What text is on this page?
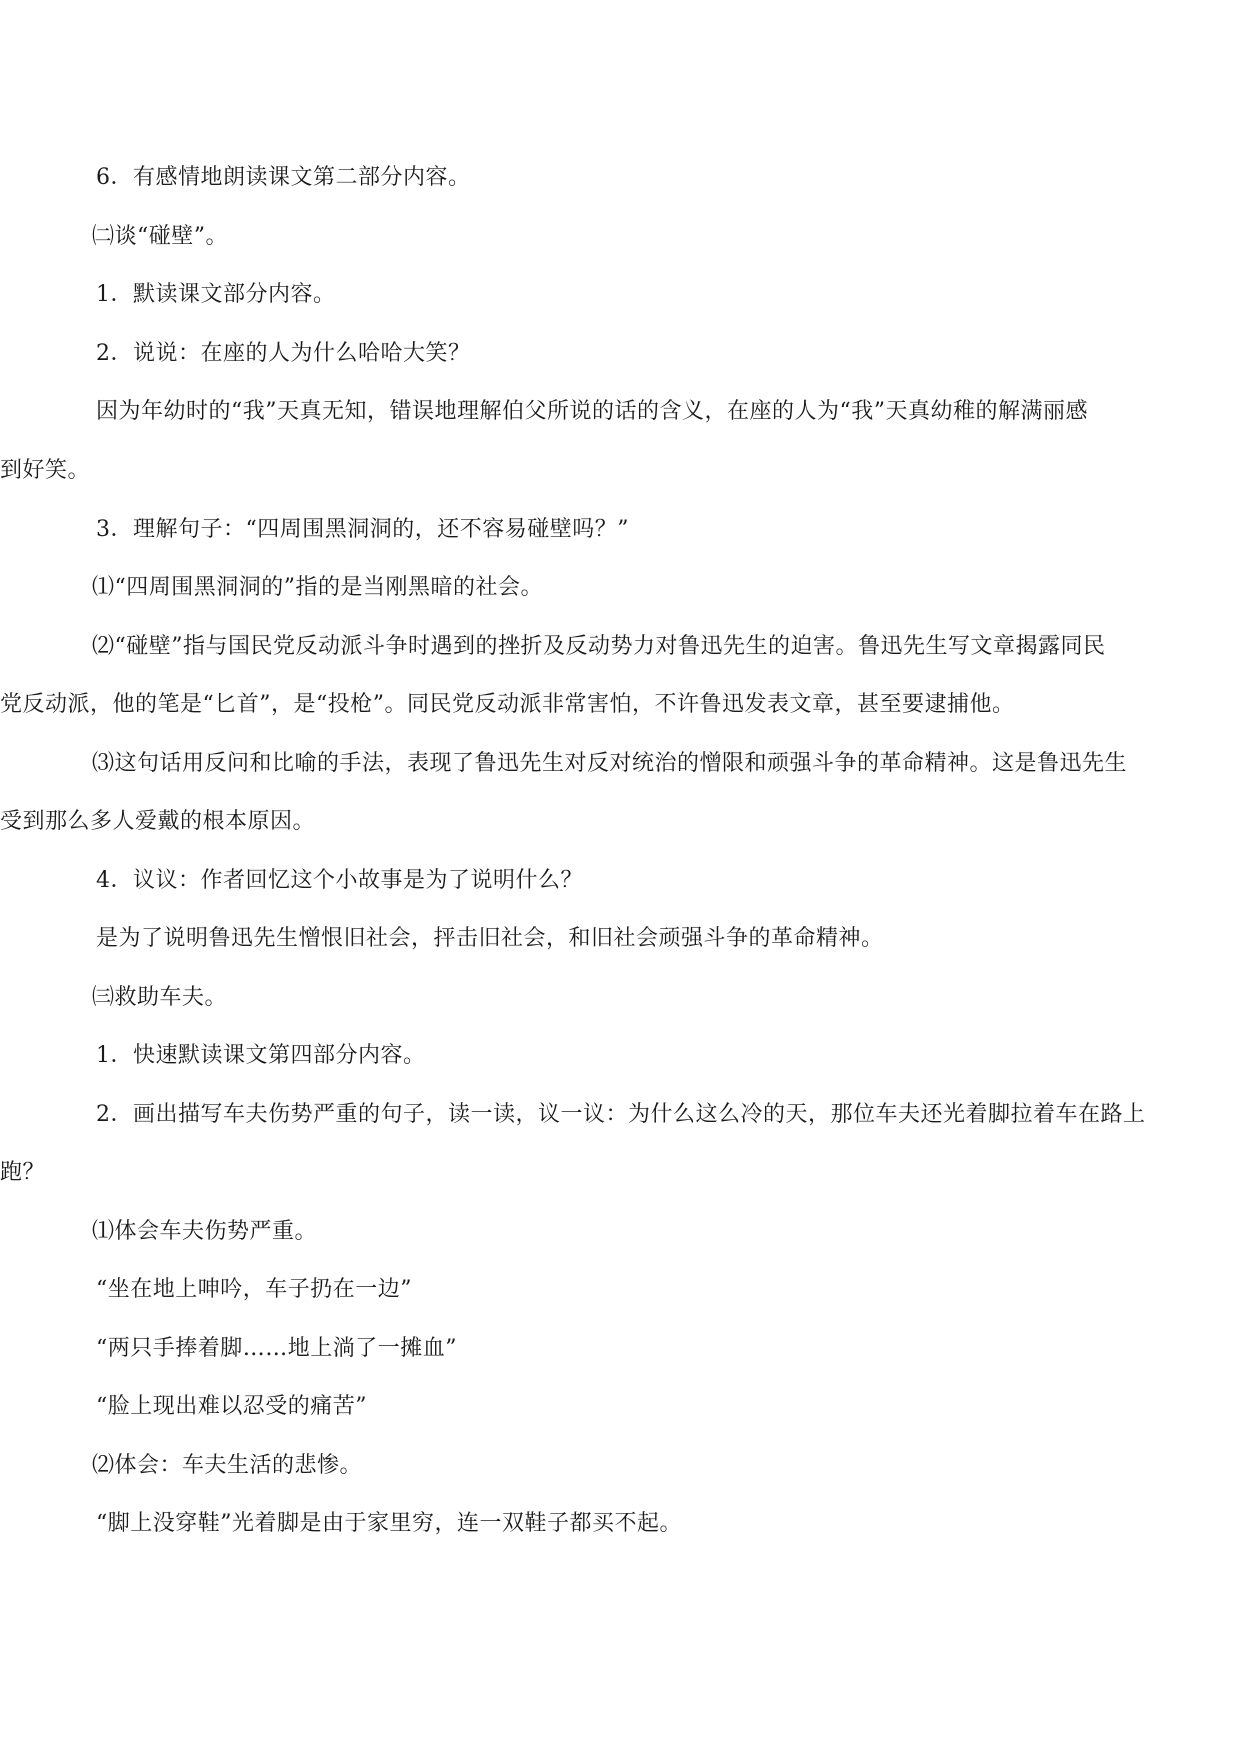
6．有感情地朗读课文第二部分内容。
㈡谈“碰壁”。
1．默读课文部分内容。
2．说说：在座的人为什么哈哈大笑？
因为年幼时的“我”天真无知，错误地理解伯父所说的话的含义，在座的人为“我”天真幼稚的解满丽感
到好笑。
3．理解句子：“四周围黑洞洞的，还不容易碰壁吗？”
⑴“四周围黑洞洞的”指的是当刚黑暗的社会。
⑵“碰壁”指与国民党反动派斗争时遇到的挫折及反动势力对鲁迅先生的迫害。鲁迅先生写文章揭露同民
党反动派，他的笔是“匕首”，是“投枪”。同民党反动派非常害怕，不许鲁迅发表文章，甚至要逮捕他。
⑶这句话用反问和比喻的手法，表现了鲁迅先生对反对统治的憎限和顽强斗争的革命精神。这是鲁迅先生
受到那么多人爱戴的根本原因。
4．议议：作者回忆这个小故事是为了说明什么？
是为了说明鲁迅先生憎恨旧社会，抨击旧社会，和旧社会顽强斗争的革命精神。
㈢救助车夫。
1．快速默读课文第四部分内容。
2．画出描写车夫伤势严重的句子，读一读，议一议：为什么这么冷的天，那位车夫还光着脚拉着车在路上
跑？
⑴体会车夫伤势严重。
“坐在地上呻吟，车子扔在一边”
“两只手捧着脚……地上淌了一摊血”
“脸上现出难以忍受的痛苦”
⑵体会：车夫生活的悲惨。
“脚上没穿鞋”光着脚是由于家里穷，连一双鞋子都买不起。
